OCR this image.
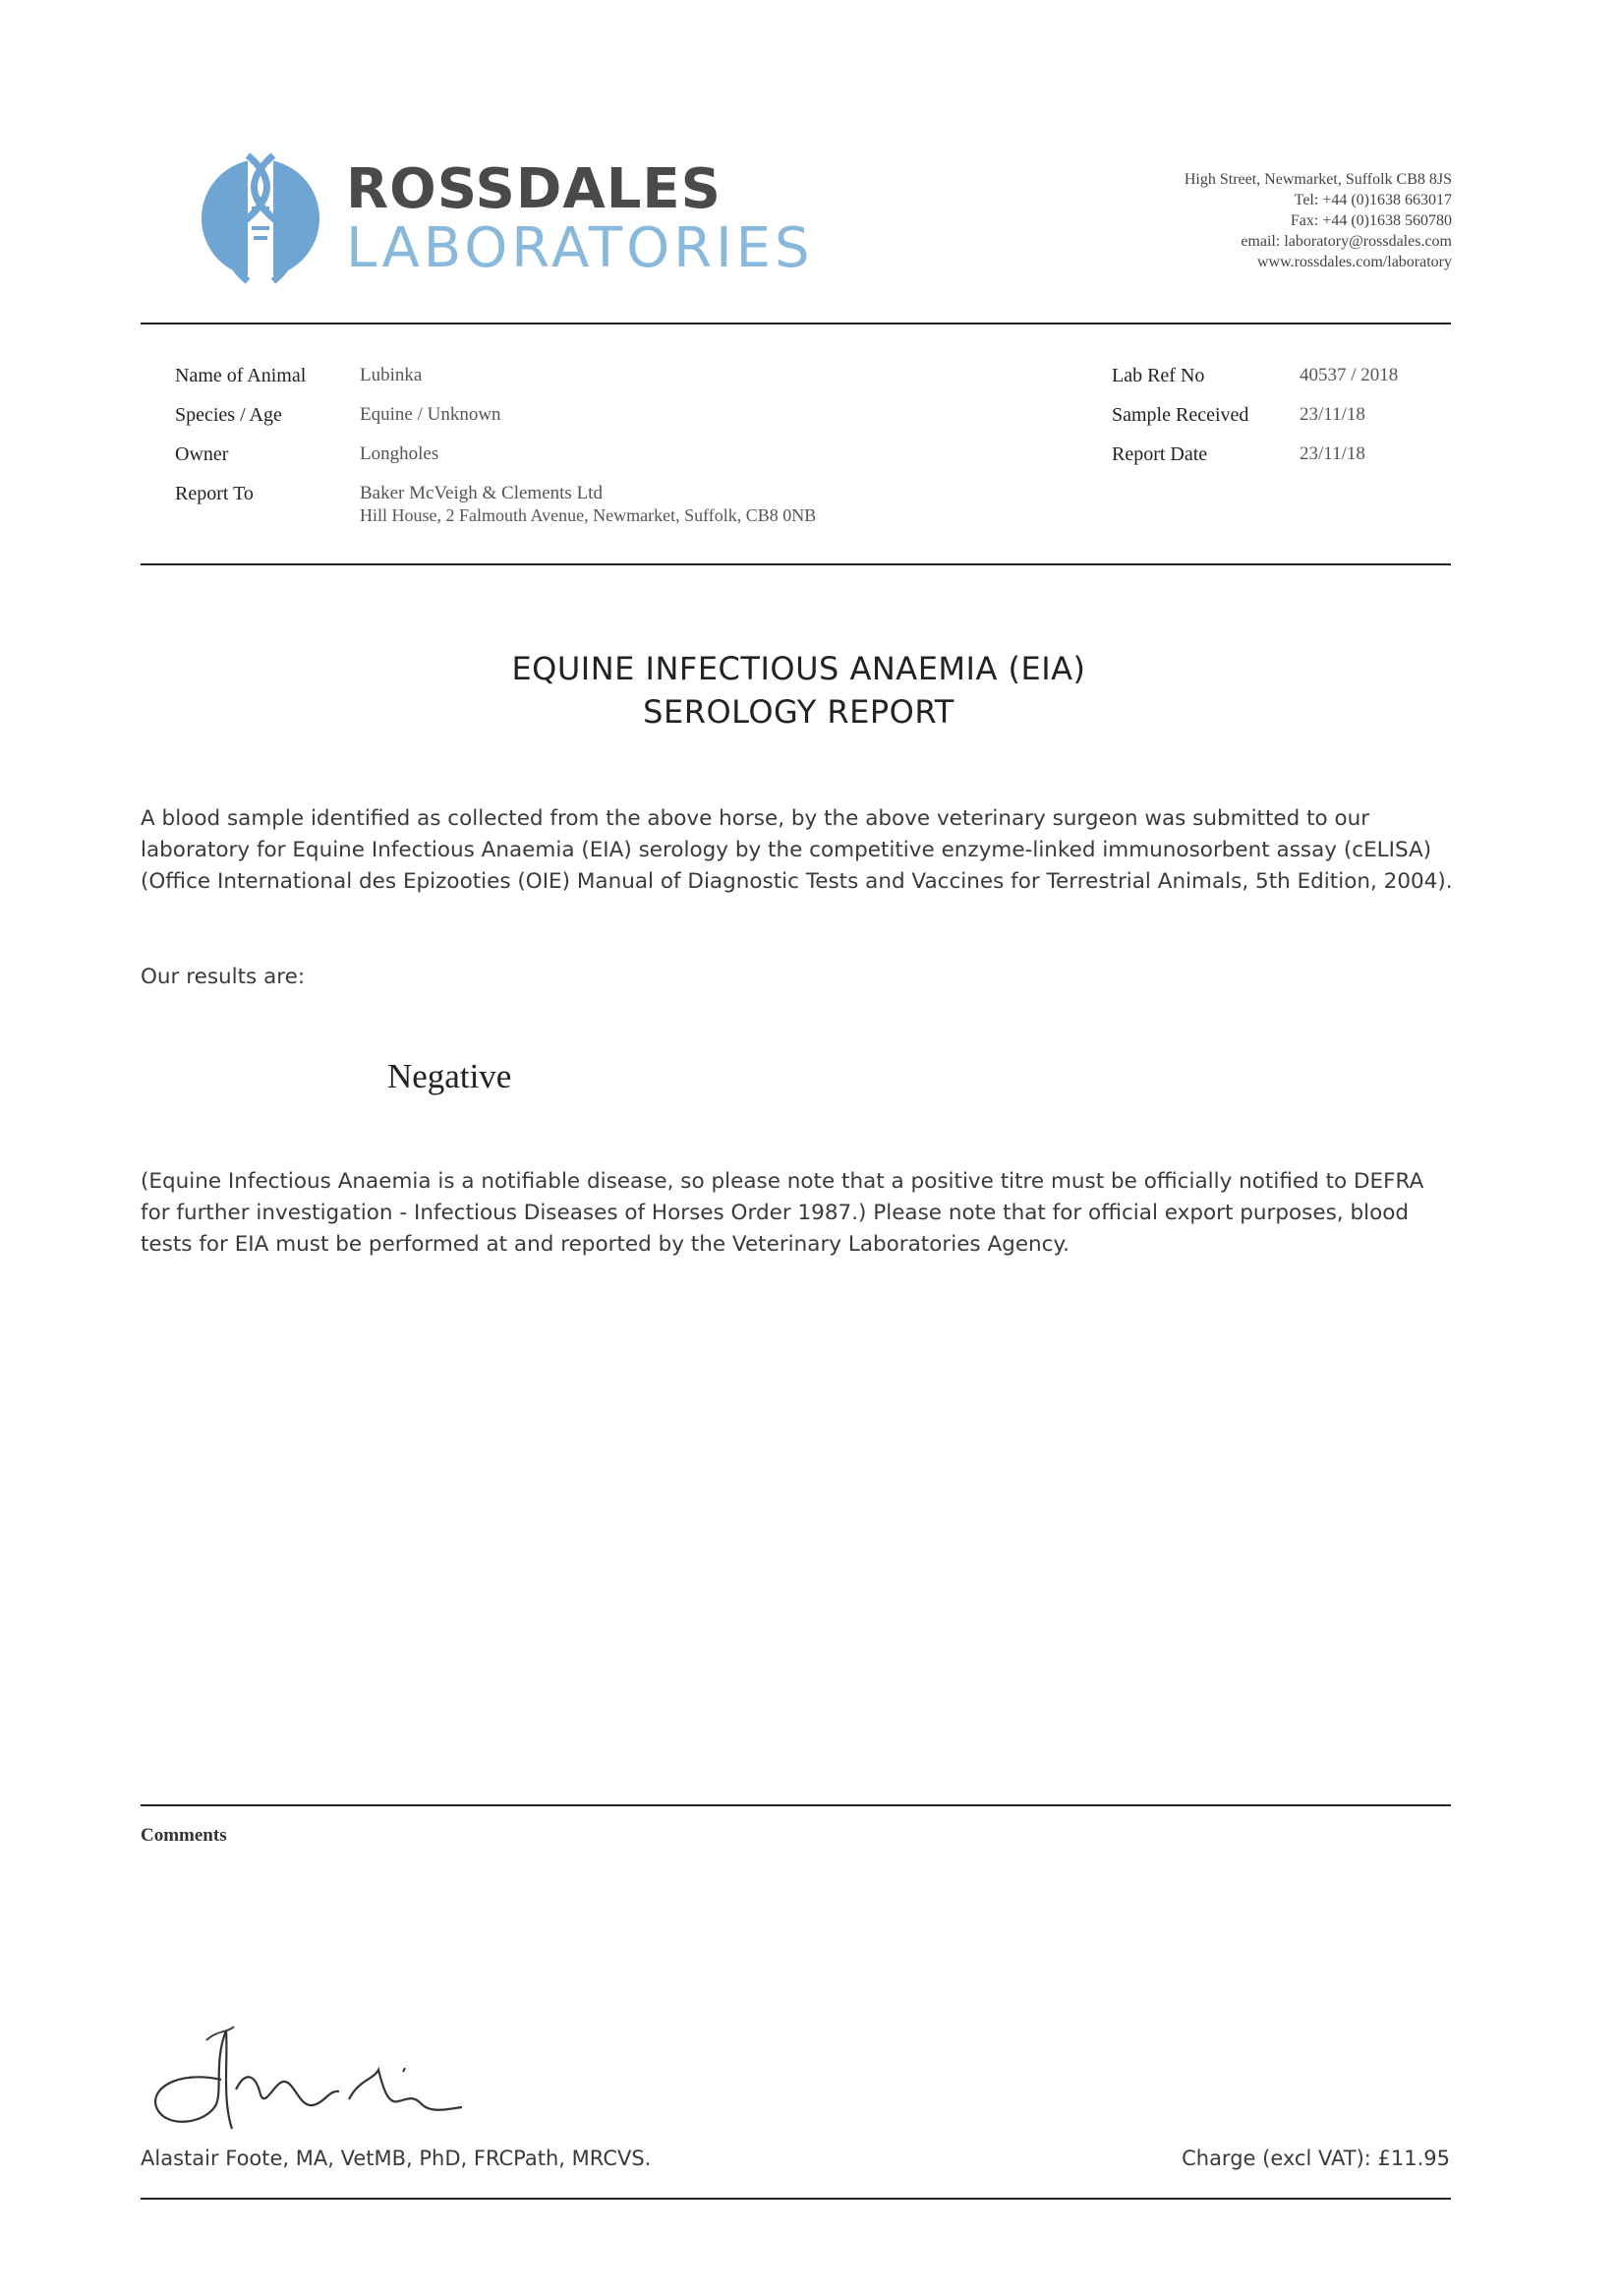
ROSSDALES
LABORATORIES
High Street, Newmarket, Suffolk CB8 8JS
Tel: +44 (0)1638 663017
Fax: +44 (0)1638 560780
email: laboratory@rossdales.com
www.rossdales.com/laboratory
Name of Animal	Lubinka
Species / Age	Equine / Unknown
Owner	Longholes
Report To	Baker McVeigh & Clements Ltd
Hill House, 2 Falmouth Avenue, Newmarket, Suffolk, CB8 0NB
Lab Ref No	40537 / 2018
Sample Received	23/11/18
Report Date	23/11/18
EQUINE INFECTIOUS ANAEMIA (EIA)
SEROLOGY REPORT
A blood sample identified as collected from the above horse, by the above veterinary surgeon was submitted to our laboratory for Equine Infectious Anaemia (EIA) serology by the competitive enzyme-linked immunosorbent assay (cELISA) (Office International des Epizooties (OIE) Manual of Diagnostic Tests and Vaccines for Terrestrial Animals, 5th Edition, 2004).
Our results are:
Negative
(Equine Infectious Anaemia is a notifiable disease, so please note that a positive titre must be officially notified to DEFRA for further investigation - Infectious Diseases of Horses Order 1987.) Please note that for official export purposes, blood tests for EIA must be performed at and reported by the Veterinary Laboratories Agency.
Comments
Alastair Foote, MA, VetMB, PhD, FRCPath, MRCVS.	Charge (excl VAT): £11.95
